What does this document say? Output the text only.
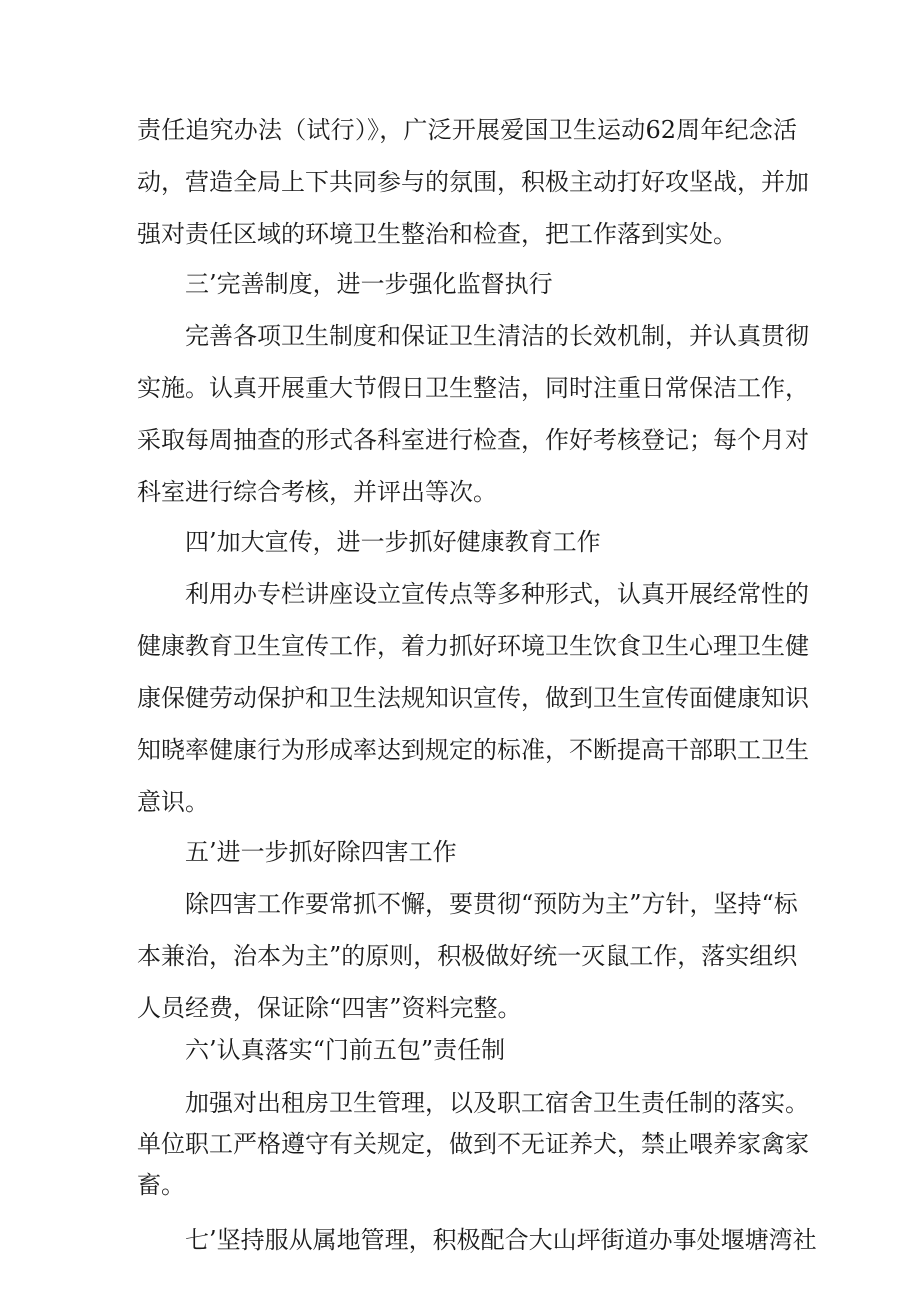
责任追究办法（试行）》，广泛开展爱国卫生运动62周年纪念活
动，营造全局上下共同参与的氛围，积极主动打好攻坚战，并加
强对责任区域的环境卫生整治和检查，把工作落到实处。
三’完善制度，进一步强化监督执行
完善各项卫生制度和保证卫生清洁的长效机制，并认真贯彻
实施。认真开展重大节假日卫生整洁，同时注重日常保洁工作，
采取每周抽查的形式各科室进行检查，作好考核登记；每个月对
科室进行综合考核，并评出等次。
四’加大宣传，进一步抓好健康教育工作
利用办专栏讲座设立宣传点等多种形式，认真开展经常性的
健康教育卫生宣传工作，着力抓好环境卫生饮食卫生心理卫生健
康保健劳动保护和卫生法规知识宣传，做到卫生宣传面健康知识
知晓率健康行为形成率达到规定的标准，不断提高干部职工卫生
意识。
五’进一步抓好除四害工作
除四害工作要常抓不懈，要贯彻“预防为主”方针，坚持“标
本兼治，治本为主”的原则，积极做好统一灭鼠工作，落实组织
人员经费，保证除“四害”资料完整。
六’认真落实“门前五包”责任制
加强对出租房卫生管理，以及职工宿舍卫生责任制的落实。
单位职工严格遵守有关规定，做到不无证养犬，禁止喂养家禽家
畜。
七’坚持服从属地管理，积极配合大山坪街道办事处堰塘湾社
